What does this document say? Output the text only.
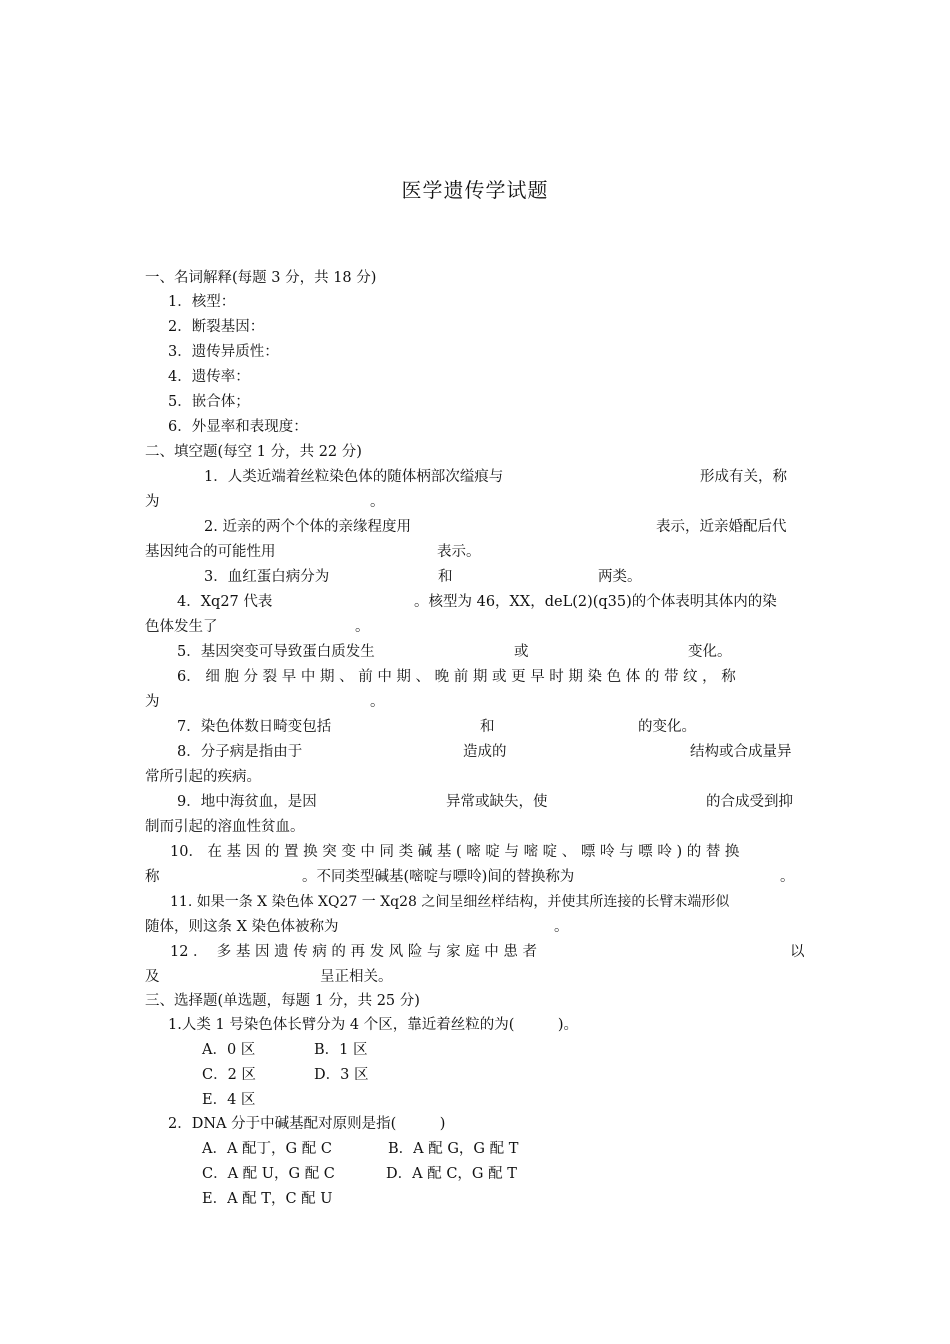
医学遗传学试题
一、名词解释(每题 3 分，共 18 分)
1．核型：
2．断裂基因：
3．遗传异质性：
4．遗传率：
5．嵌合体；
6．外显率和表现度：
二、填空题(每空 1 分，共 22 分)
1．人类近端着丝粒染色体的随体柄部次缢痕与	形成有关，称
为	。
2. 近亲的两个个体的亲缘程度用	表示，近亲婚配后代
基因纯合的可能性用	表示。
3．血红蛋白病分为	和	两类。
4．Xq27 代表	。核型为 46，XX，deL(2)(q35)的个体表明其体内的染
色体发生了	。
5．基因突变可导致蛋白质发生	或	变化。
6． 细 胞 分 裂 早 中 期 、 前 中 期 、 晚 前 期 或 更 早 时 期 染 色 体 的 带 纹 ， 称
为	。
7．染色体数日畸变包括	和	的变化。
8．分子病是指由于	造成的	结构或合成量异
常所引起的疾病。
9．地中海贫血，是因	异常或缺失，使	的合成受到抑
制而引起的溶血性贫血。
10． 在 基 因 的 置 换 突 变 中 同 类 碱 基 ( 嘧 啶 与 嘧 啶 、 嘌 呤 与 嘌 呤 ) 的 替 换
称	。不同类型碱基(嘧啶与嘌呤)间的替换称为	。
11. 如果一条 X 染色体 XQ27 一 Xq28 之间呈细丝样结构，并使其所连接的长臂末端形似
随体，则这条 X 染色体被称为	。
12 ．  多 基 因 遗 传 病 的 再 发 风 险 与 家 庭 中 患 者	以
及	呈正相关。
三、选择题(单选题，每题 1 分，共 25 分)
1.人类 1 号染色体长臂分为 4 个区，靠近着丝粒的为(　　　)。
A．0 区	B．1 区
C．2 区	D．3 区
E．4 区
2．DNA 分于中碱基配对原则是指(　　　)
A．A 配丁，G 配 C	B．A 配 G，G 配 T
C．A 配 U，G 配 C	D．A 配 C，G 配 T
E．A 配 T，C 配 U
